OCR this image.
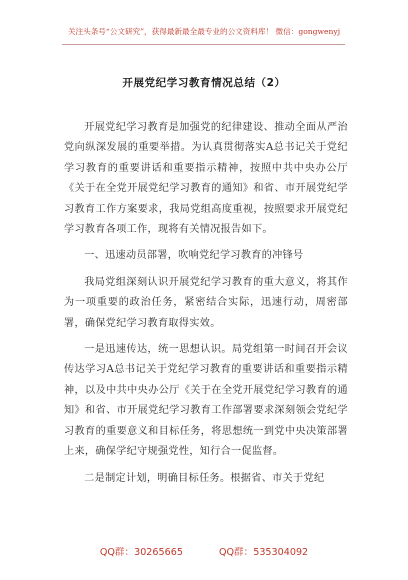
关注头条号“公文研究”，获得最新最全最专业的公文资料库！ 微信：gongwenyj
开展党纪学习教育情况总结（2）

开展党纪学习教育是加强党的纪律建设、推动全面从严治党向纵深发展的重要举措。为认真贯彻落实A总书记关于党纪学习教育的重要讲话和重要指示精神，按照中共中央办公厅《关于在全党开展党纪学习教育的通知》和省、市开展党纪学习教育工作方案要求，我局党组高度重视，按照要求开展党纪学习教育各项工作，现将有关情况报告如下。

一、迅速动员部署，吹响党纪学习教育的冲锋号

我局党组深刻认识开展党纪学习教育的重大意义，将其作为一项重要的政治任务，紧密结合实际，迅速行动，周密部署，确保党纪学习教育取得实效。

一是迅速传达，统一思想认识。局党组第一时间召开会议传达学习A总书记关于党纪学习教育的重要讲话和重要指示精神，以及中共中央办公厅《关于在全党开展党纪学习教育的通知》和省、市开展党纪学习教育工作部署要求深刻领会党纪学习教育的重要意义和目标任务，将思想统一到党中央决策部署上来，确保学纪守规强党性，知行合一促监督。

二是制定计划，明确目标任务。根据省、市关于党纪

QQ群：30265665	QQ群：535304092
